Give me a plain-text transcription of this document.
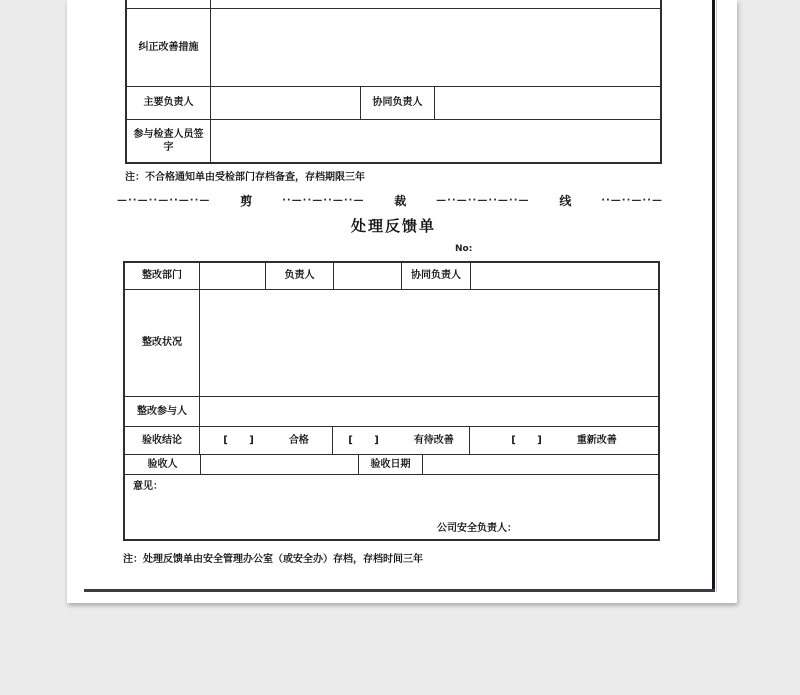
纠正改善措施
主要负责人	协同负责人
参与检查人员签字
注：不合格通知单由受检部门存档备查，存档期限三年
—··—··—··—··— 剪	··—··—··—··— 裁	—··—··—··—··— 线	··—··—··—
处理反馈单
No:
整改部门	负责人	协同负责人
整改状况
整改参与人
验收结论	[ ]	合格	[ ]	有待改善	[ ]	重新改善
验收人	验收日期
意见：
公司安全负责人：
注：处理反馈单由安全管理办公室（或安全办）存档，存档时间三年
